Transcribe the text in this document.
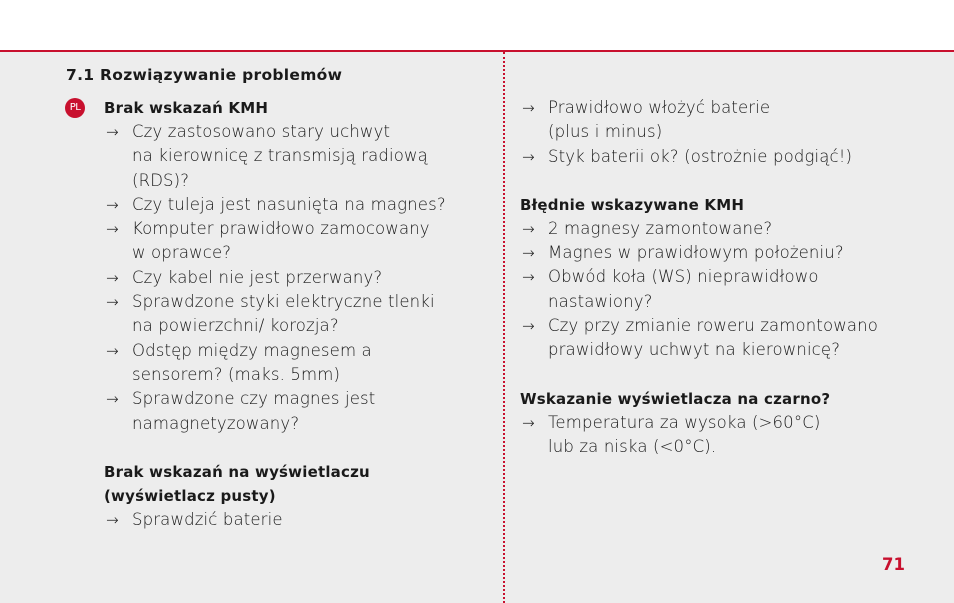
7.1 Rozwiązywanie problemów
PL	Brak wskazań KMH
→ Czy zastosowano stary uchwyt
na kierownicę z transmisją radiową
(RDS)?
→ Czy tuleja jest nasunięta na magnes?
→ Komputer prawidłowo zamocowany
w oprawce?
→ Czy kabel nie jest przerwany?
→ Sprawdzone styki elektryczne tlenki
na powierzchni/ korozja?
→ Odstęp między magnesem a
sensorem? (maks. 5mm)
→ Sprawdzone czy magnes jest
namagnetyzowany?
Brak wskazań na wyświetlaczu
(wyświetlacz pusty)
→ Sprawdzić baterie
→ Prawidłowo włożyć baterie
(plus i minus)
→ Styk baterii ok? (ostrożnie podgiąć!)
Błędnie wskazywane KMH
→ 2 magnesy zamontowane?
→ Magnes w prawidłowym położeniu?
→ Obwód koła (WS) nieprawidłowo
nastawiony?
→ Czy przy zmianie roweru zamontowano
prawidłowy uchwyt na kierownicę?
Wskazanie wyświetlacza na czarno?
→ Temperatura za wysoka (>60°C)
lub za niska (<0°C).
71
